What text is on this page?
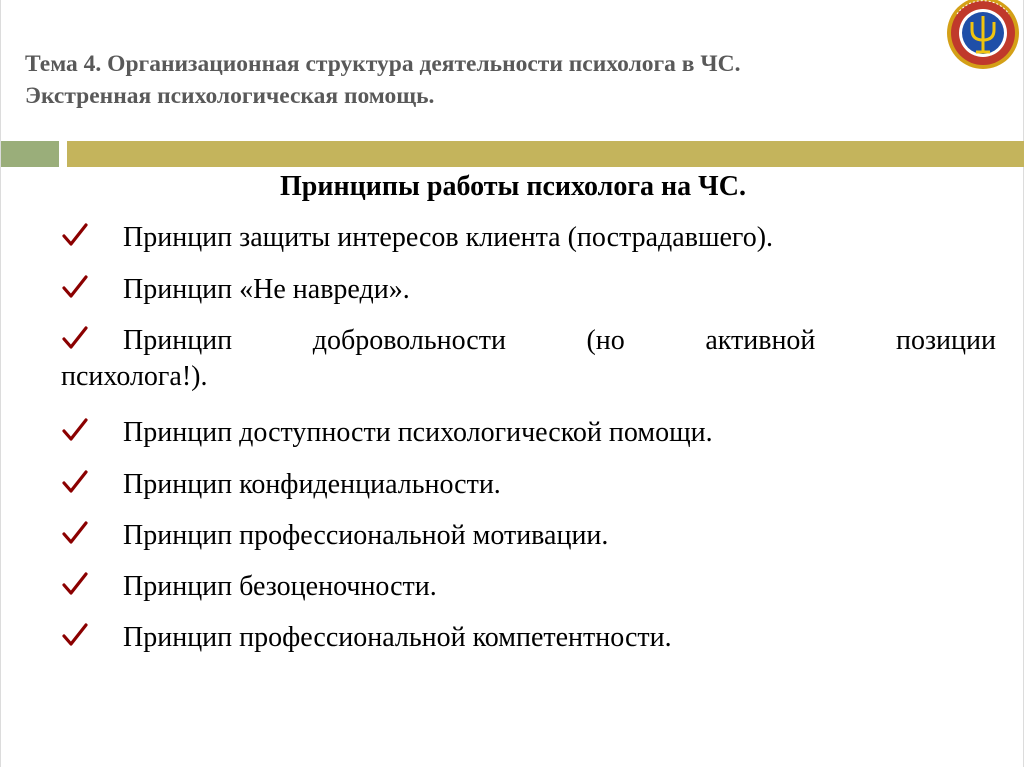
Тема 4. Организационная структура деятельности психолога в ЧС.
Экстренная психологическая помощь.
Принципы работы психолога на ЧС.
Принцип защиты интересов клиента (пострадавшего).
Принцип «Не навреди».
Принцип	добровольности	(но	активной	позиции
психолога!).
Принцип доступности психологической помощи.
Принцип конфиденциальности.
Принцип профессиональной мотивации.
Принцип безоценочности.
Принцип профессиональной компетентности.
